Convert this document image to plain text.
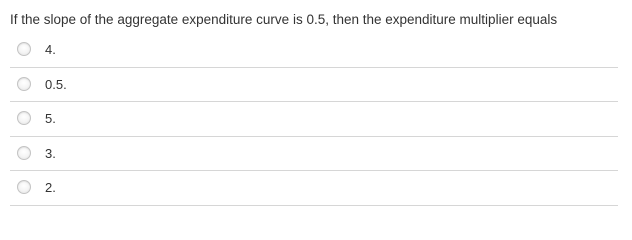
If the slope of the aggregate expenditure curve is 0.5, then the expenditure multiplier equals
4.
0.5.
5.
3.
2.
